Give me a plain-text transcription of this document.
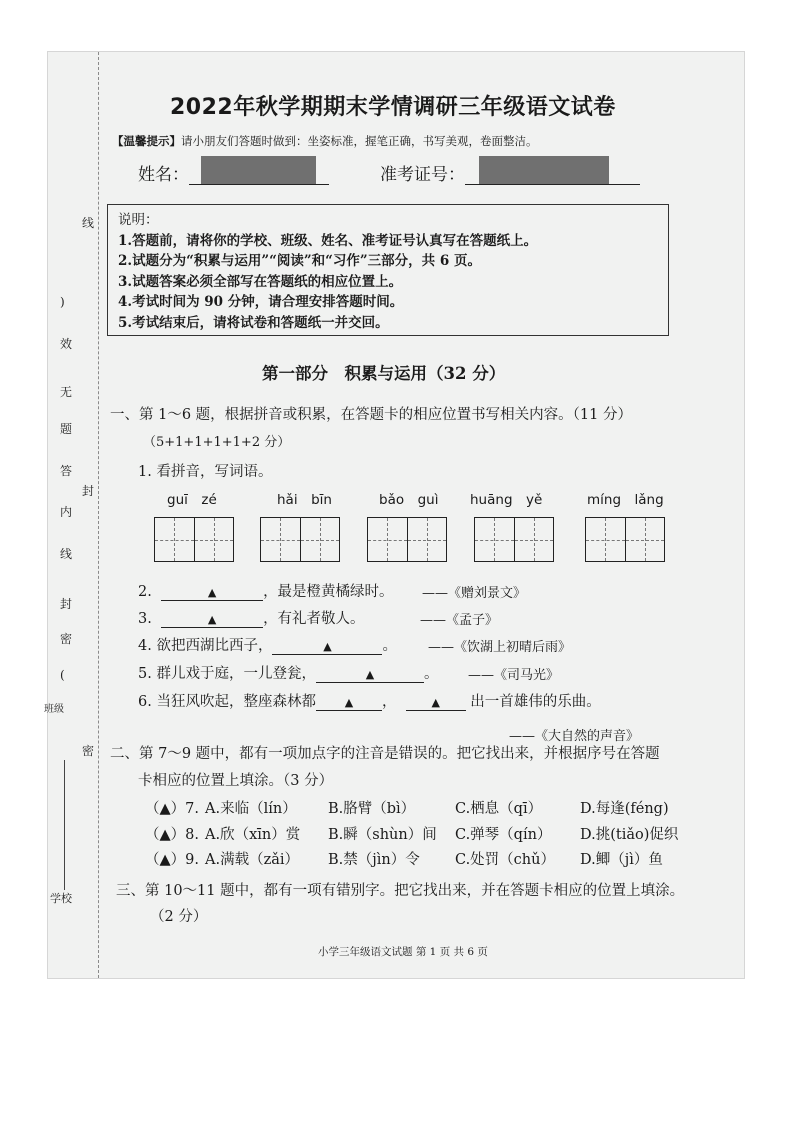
线
)
效
无
题
答
内
封
线
封
密
(
班级
密
学校
2022年秋学期期末学情调研三年级语文试卷
【温馨提示】请小朋友们答题时做到：坐姿标准，握笔正确，书写美观，卷面整洁。
姓名：	准考证号：
说明：
1.答题前，请将你的学校、班级、姓名、准考证号认真写在答题纸上。
2.试题分为“积累与运用”“阅读”和“习作”三部分，共 6 页。
3.试题答案必须全部写在答题纸的相应位置上。
4.考试时间为 90 分钟，请合理安排答题时间。
5.考试结束后，请将试卷和答题纸一并交回。
第一部分　积累与运用（32 分）
一、第 1～6 题，根据拼音或积累，在答题卡的相应位置书写相关内容。（11 分）
（5+1+1+1+1+2 分）
1. 看拼音，写词语。
guī　zé	hǎi　bīn	bǎo　guì huāng　yě	míng　lǎng
2.	▲	，最是橙黄橘绿时。 ——《赠刘景文》
3.	▲	，有礼者敬人。	——《孟子》
4. 欲把西湖比西子，	▲	。 ——《饮湖上初晴后雨》
5. 群儿戏于庭，一儿登瓮，	▲	。 ——《司马光》
6. 当狂风吹起，整座森林都	▲ ，	▲ 出一首雄伟的乐曲。
——《大自然的声音》
二、第 7～9 题中，都有一项加点字的注音是错误的。把它找出来，并根据序号在答题
卡相应的位置上填涂。（3 分）
（▲）7. A.来临（lín） B.胳臂（bì）	C.栖息（qī）	D.每逢(féng)
（▲）8. A.欣（xīn）赏 B.瞬（shùn）间 C.弹琴（qín） D.挑(tiǎo)促织
（▲）9. A.满载（zǎi） B.禁（jìn）令 C.处罚（chǔ） D.鲫（jì）鱼
三、第 10～11 题中，都有一项有错别字。把它找出来，并在答题卡相应的位置上填涂。
（2 分）
小学三年级语文试题 第 1 页 共 6 页
